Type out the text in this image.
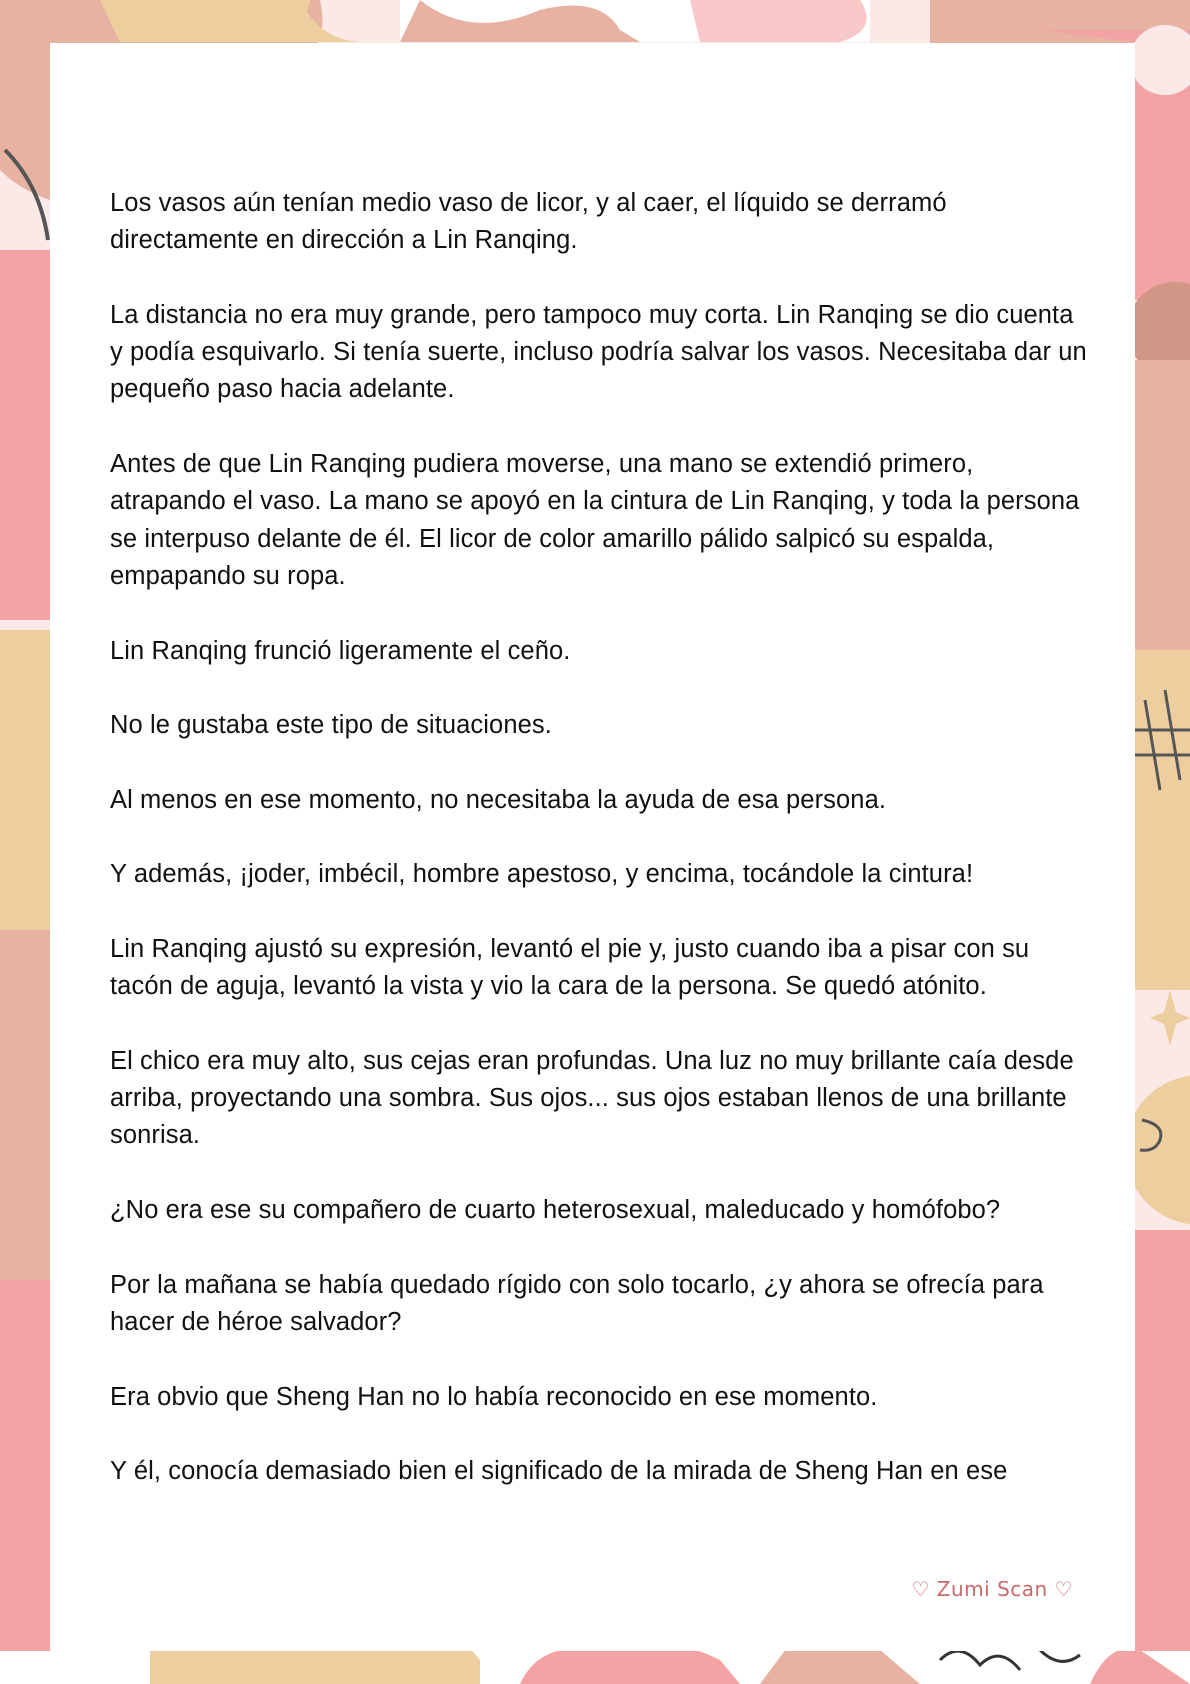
Los vasos aún tenían medio vaso de licor, y al caer, el líquido se derramó directamente en dirección a Lin Ranqing.

La distancia no era muy grande, pero tampoco muy corta. Lin Ranqing se dio cuenta y podía esquivarlo. Si tenía suerte, incluso podría salvar los vasos. Necesitaba dar un pequeño paso hacia adelante.

Antes de que Lin Ranqing pudiera moverse, una mano se extendió primero, atrapando el vaso. La mano se apoyó en la cintura de Lin Ranqing, y toda la persona se interpuso delante de él. El licor de color amarillo pálido salpicó su espalda, empapando su ropa.

Lin Ranqing frunció ligeramente el ceño.

No le gustaba este tipo de situaciones.

Al menos en ese momento, no necesitaba la ayuda de esa persona.

Y además, ¡joder, imbécil, hombre apestoso, y encima, tocándole la cintura!

Lin Ranqing ajustó su expresión, levantó el pie y, justo cuando iba a pisar con su tacón de aguja, levantó la vista y vio la cara de la persona. Se quedó atónito.

El chico era muy alto, sus cejas eran profundas. Una luz no muy brillante caía desde arriba, proyectando una sombra. Sus ojos... sus ojos estaban llenos de una brillante sonrisa.

¿No era ese su compañero de cuarto heterosexual, maleducado y homófobo?

Por la mañana se había quedado rígido con solo tocarlo, ¿y ahora se ofrecía para hacer de héroe salvador?

Era obvio que Sheng Han no lo había reconocido en ese momento.

Y él, conocía demasiado bien el significado de la mirada de Sheng Han en ese

♡ Zumi Scan ♡
